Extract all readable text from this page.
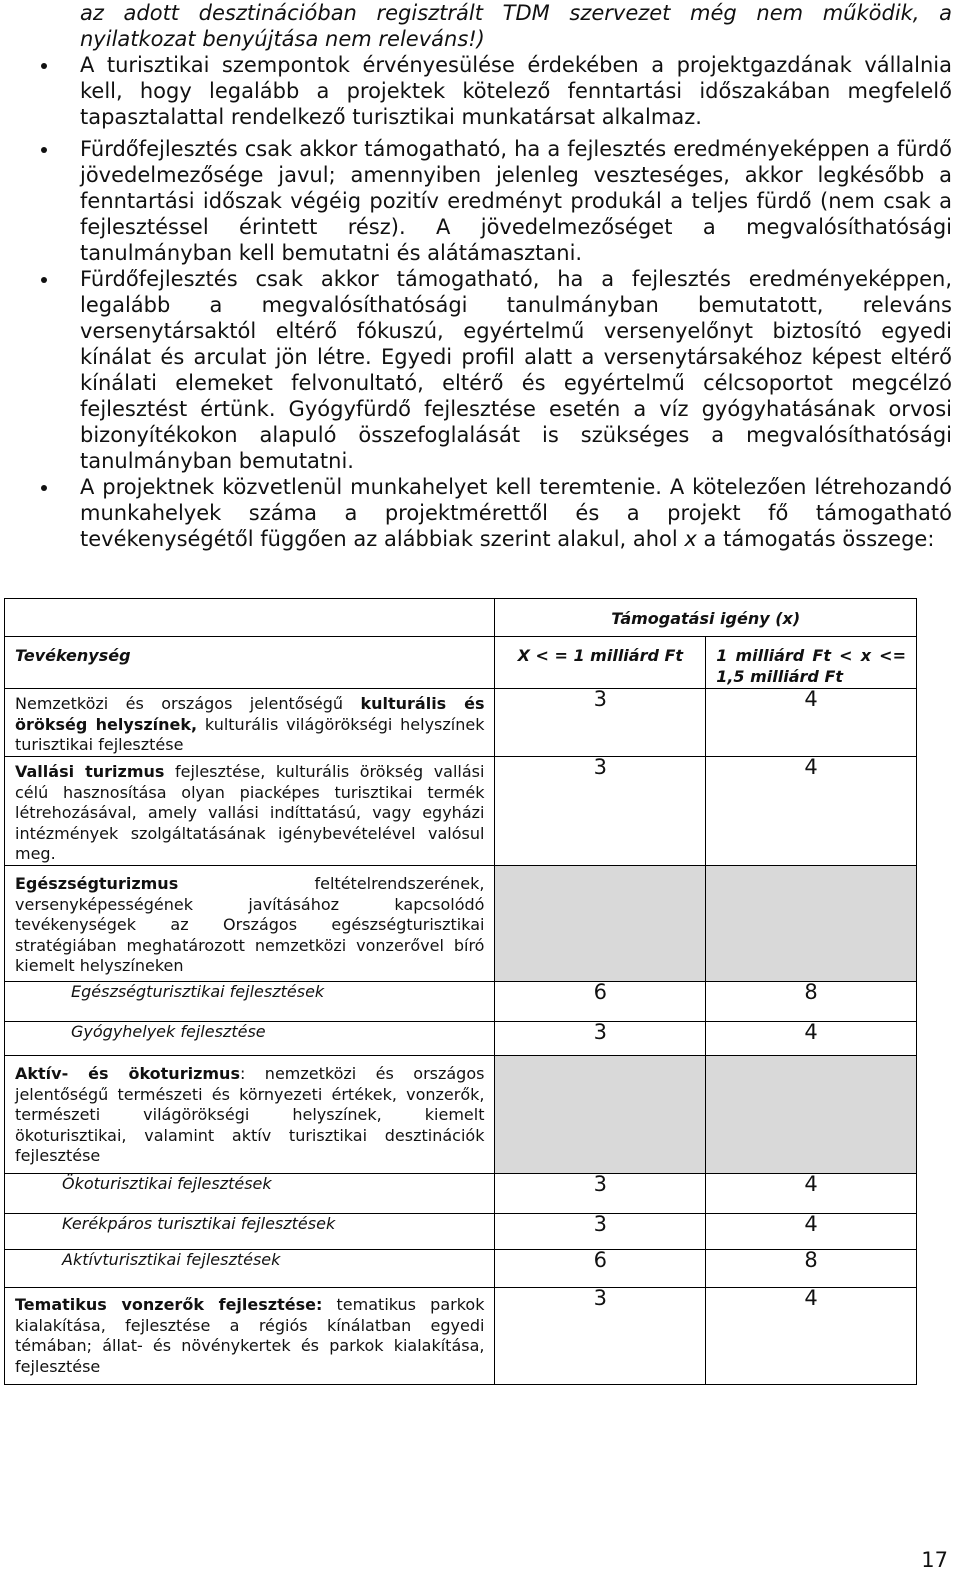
az adott desztinációban regisztrált TDM szervezet még nem működik, a
nyilatkozat benyújtása nem releváns!)
A turisztikai szempontok érvényesülése érdekében a projektgazdának vállalnia kell, hogy legalább a projektek kötelező fenntartási időszakában megfelelő tapasztalattal rendelkező turisztikai munkatársat alkalmaz.
Fürdőfejlesztés csak akkor támogatható, ha a fejlesztés eredményeképpen a fürdő jövedelmezősége javul; amennyiben jelenleg veszteséges, akkor legkésőbb a fenntartási időszak végéig pozitív eredményt produkál a teljes fürdő (nem csak a fejlesztéssel érintett rész). A jövedelmezőséget a megvalósíthatósági tanulmányban kell bemutatni és alátámasztani.
Fürdőfejlesztés csak akkor támogatható, ha a fejlesztés eredményeképpen, legalább a megvalósíthatósági tanulmányban bemutatott, releváns versenytársaktól eltérő fókuszú, egyértelmű versenyelőnyt biztosító egyedi kínálat és arculat jön létre. Egyedi profil alatt a versenytársakéhoz képest eltérő kínálati elemeket felvonultató, eltérő és egyértelmű célcsoportot megcélzó fejlesztést értünk. Gyógyfürdő fejlesztése esetén a víz gyógyhatásának orvosi bizonyítékokon alapuló összefoglalását is szükséges a megvalósíthatósági tanulmányban bemutatni.
A projektnek közvetlenül munkahelyet kell teremtenie. A kötelezően létrehozandó munkahelyek száma a projektmérettől és a projekt fő támogatható tevékenységétől függően az alábbiak szerint alakul, ahol x a támogatás összege:
	Támogatási igény (x)	
Tevékenység	X < = 1 milliárd Ft	1 milliárd Ft < x <= 1,5 milliárd Ft
Nemzetközi és országos jelentőségű kulturális és örökség helyszínek, kulturális világörökségi helyszínek turisztikai fejlesztése	3	4
Vallási turizmus fejlesztése, kulturális örökség vallási célú hasznosítása olyan piacképes turisztikai termék létrehozásával, amely vallási indíttatású, vagy egyházi intézmények szolgáltatásának igénybevételével valósul meg.	3	4
Egészségturizmus feltételrendszerének, versenyképességének javításához kapcsolódó tevékenységek az Országos egészségturisztikai stratégiában meghatározott nemzetközi vonzerővel bíró kiemelt helyszíneken		
Egészségturisztikai fejlesztések	6	8
Gyógyhelyek fejlesztése	3	4
Aktív- és ökoturizmus: nemzetközi és országos jelentőségű természeti és környezeti értékek, vonzerők, természeti világörökségi helyszínek, kiemelt ökoturisztikai, valamint aktív turisztikai desztinációk fejlesztése		
Ökoturisztikai fejlesztések	3	4
Kerékpáros turisztikai fejlesztések	3	4
Aktívturisztikai fejlesztések	6	8
Tematikus vonzerők fejlesztése: tematikus parkok kialakítása, fejlesztése a régiós kínálatban egyedi témában; állat- és növénykertek és parkok kialakítása, fejlesztése	3	4
17
